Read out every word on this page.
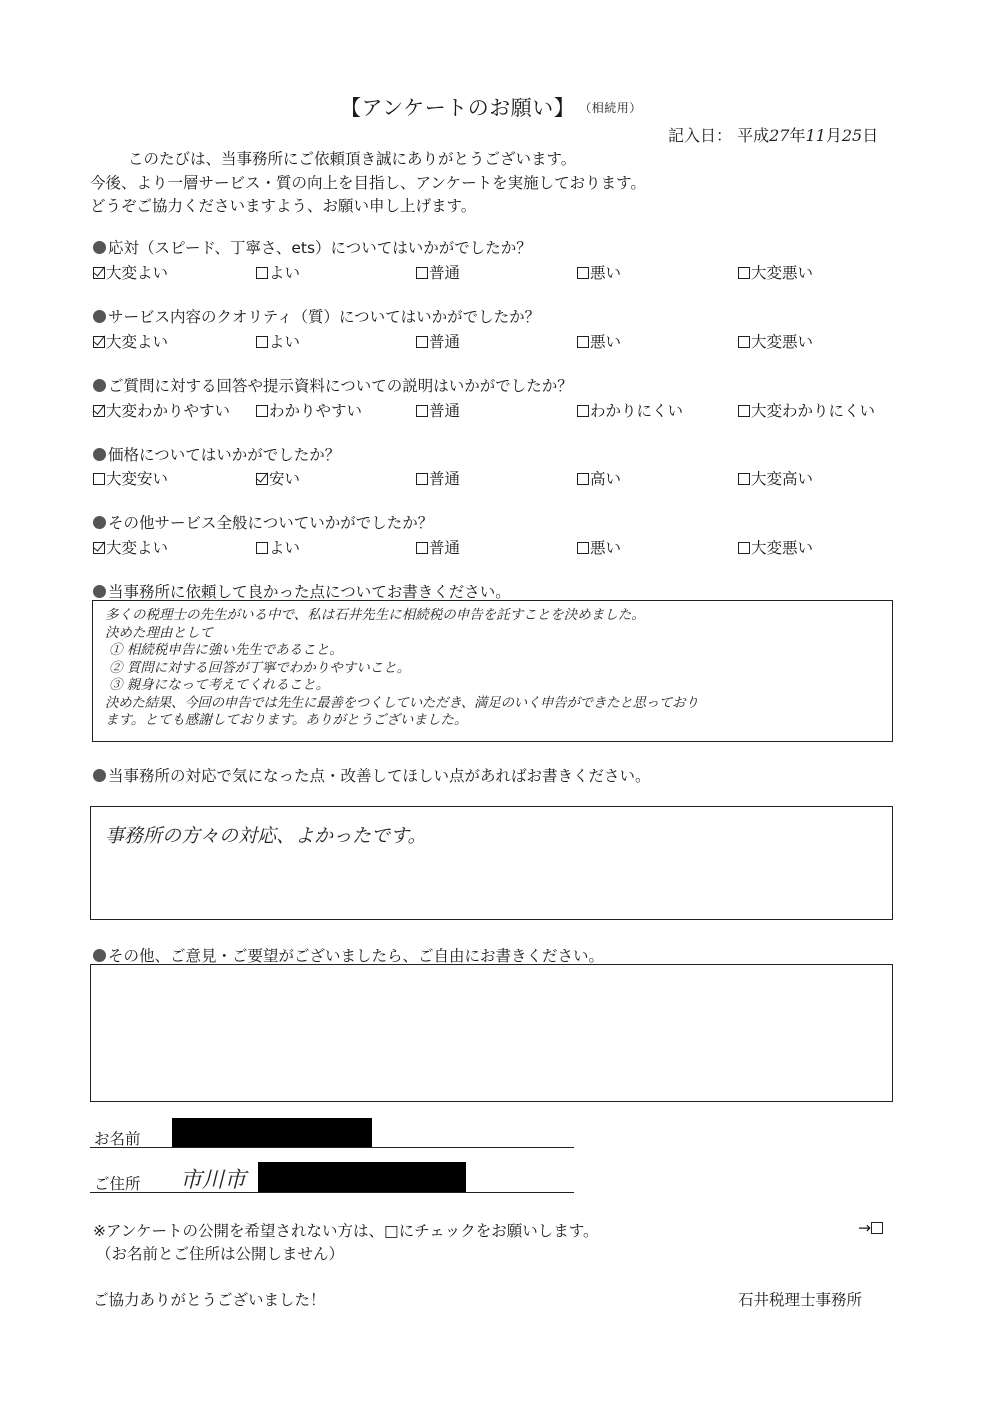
【アンケートのお願い】 （相続用）
記入日： 平成27年11月25日
このたびは、当事務所にご依頼頂き誠にありがとうございます。
今後、より一層サービス・質の向上を目指し、アンケートを実施しております。
どうぞご協力くださいますよう、お願い申し上げます。
応対（スピード、丁寧さ、ets）についてはいかがでしたか？
大変よい	よい	普通	悪い	大変悪い
サービス内容のクオリティ（質）についてはいかがでしたか？
大変よい	よい	普通	悪い	大変悪い
ご質問に対する回答や提示資料についての説明はいかがでしたか？
大変わかりやすい	わかりやすい	普通	わかりにくい	大変わかりにくい
価格についてはいかがでしたか？
大変安い	安い	普通	高い	大変高い
その他サービス全般についていかがでしたか？
大変よい	よい	普通	悪い	大変悪い
当事務所に依頼して良かった点についてお書きください。
多くの税理士の先生がいる中で、私は石井先生に相続税の申告を託すことを決めました。
決めた理由として
① 相続税申告に強い先生であること。
② 質問に対する回答が丁寧でわかりやすいこと。
③ 親身になって考えてくれること。
決めた結果、今回の申告では先生に最善をつくしていただき、満足のいく申告ができたと思っており
ます。とても感謝しております。ありがとうございました。
当事務所の対応で気になった点・改善してほしい点があればお書きください。
事務所の方々の対応、よかったです。
その他、ご意見・ご要望がございましたら、ご自由にお書きください。
お名前
ご住所 市川市
※アンケートの公開を希望されない方は、□にチェックをお願いします。	→
（お名前とご住所は公開しません）
ご協力ありがとうございました！	石井税理士事務所
